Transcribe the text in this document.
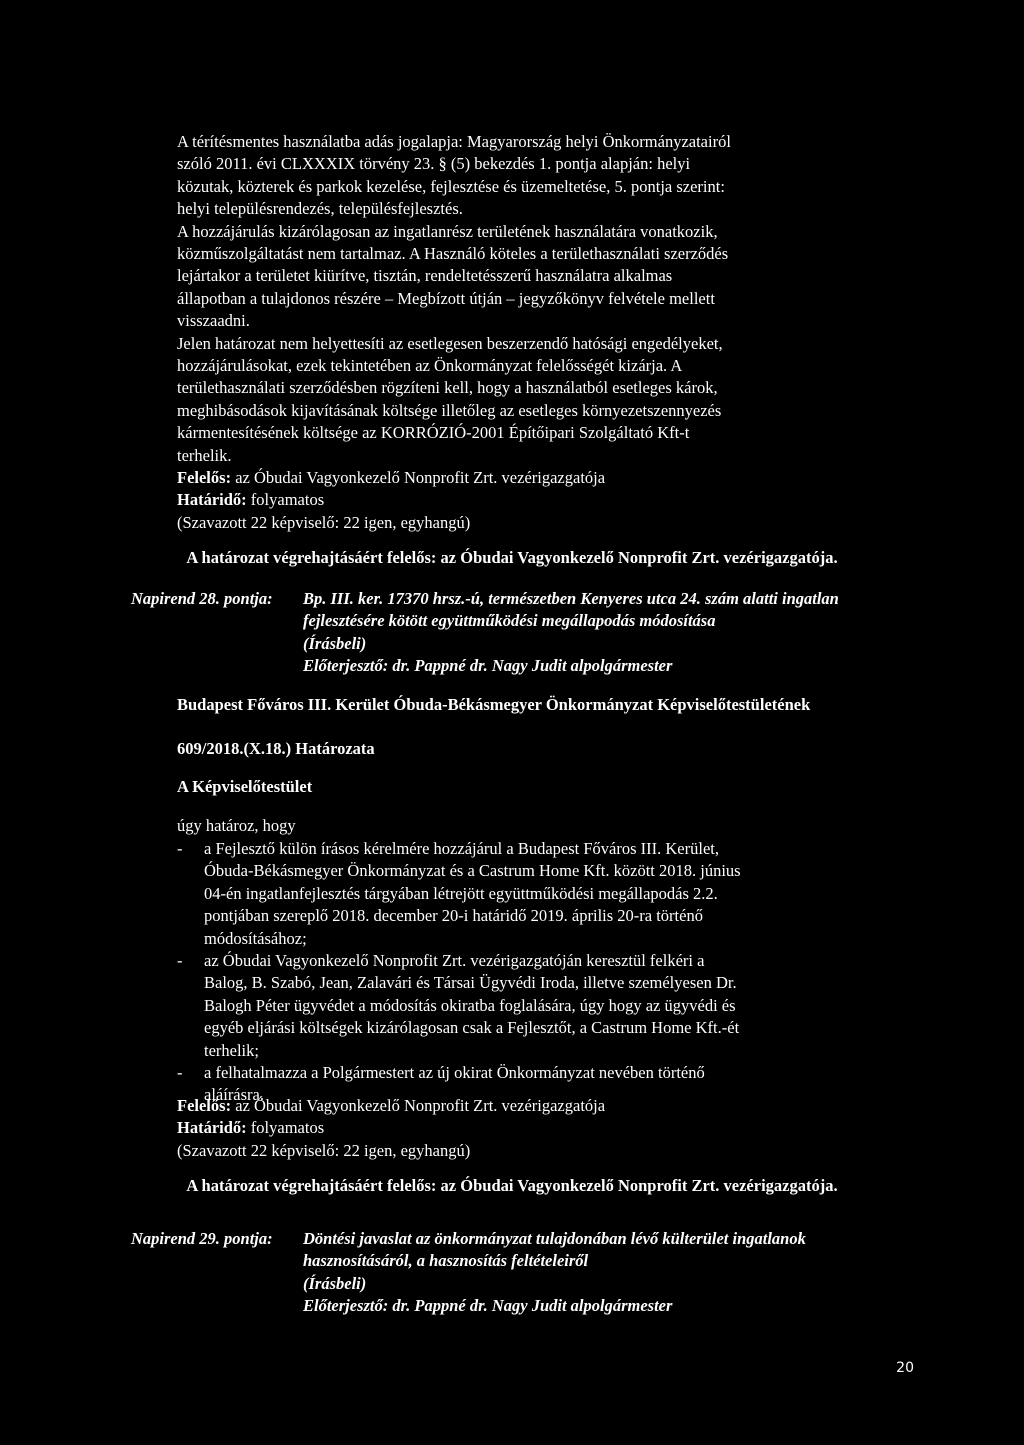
A térítésmentes használatba adás jogalapja: Magyarország helyi Önkormányzatairól
szóló 2011. évi CLXXXIX törvény 23. § (5) bekezdés 1. pontja alapján: helyi
közutak, közterek és parkok kezelése, fejlesztése és üzemeltetése, 5. pontja szerint:
helyi településrendezés, településfejlesztés.
A hozzájárulás kizárólagosan az ingatlanrész területének használatára vonatkozik,
közműszolgáltatást nem tartalmaz. A Használó köteles a területhasználati szerződés
lejártakor a területet kiürítve, tisztán, rendeltetésszerű használatra alkalmas
állapotban a tulajdonos részére – Megbízott útján – jegyzőkönyv felvétele mellett
visszaadni.
Jelen határozat nem helyettesíti az esetlegesen beszerzendő hatósági engedélyeket,
hozzájárulásokat, ezek tekintetében az Önkormányzat felelősségét kizárja. A
területhasználati szerződésben rögzíteni kell, hogy a használatból esetleges károk,
meghibásodások kijavításának költsége illetőleg az esetleges környezetszennyezés
kármentesítésének költsége az KORRÓZIÓ-2001 Építőipari Szolgáltató Kft-t
terhelik.
Felelős: az Óbudai Vagyonkezelő Nonprofit Zrt. vezérigazgatója
Határidő: folyamatos
(Szavazott 22 képviselő: 22 igen, egyhangú)
A határozat végrehajtásáért felelős: az Óbudai Vagyonkezelő Nonprofit Zrt. vezérigazgatója.
Napirend 28. pontja: Bp. III. ker. 17370 hrsz.-ú, természetben Kenyeres utca 24. szám alatti ingatlan
fejlesztésére kötött együttműködési megállapodás módosítása
(Írásbeli)
Előterjesztő: dr. Pappné dr. Nagy Judit alpolgármester
Budapest Főváros III. Kerület Óbuda-Békásmegyer Önkormányzat Képviselőtestületének
609/2018.(X.18.) Határozata
A Képviselőtestület
úgy határoz, hogy
- a Fejlesztő külön írásos kérelmére hozzájárul a Budapest Főváros III. Kerület,
Óbuda-Békásmegyer Önkormányzat és a Castrum Home Kft. között 2018. június
04-én ingatlanfejlesztés tárgyában létrejött együttműködési megállapodás 2.2.
pontjában szereplő 2018. december 20-i határidő 2019. április 20-ra történő
módosításához;
- az Óbudai Vagyonkezelő Nonprofit Zrt. vezérigazgatóján keresztül felkéri a
Balog, B. Szabó, Jean, Zalavári és Társai Ügyvédi Iroda, illetve személyesen Dr.
Balogh Péter ügyvédet a módosítás okiratba foglalására, úgy hogy az ügyvédi és
egyéb eljárási költségek kizárólagosan csak a Fejlesztőt, a Castrum Home Kft.-ét
terhelik;
- a felhatalmazza a Polgármestert az új okirat Önkormányzat nevében történő
aláírásra.
Felelős: az Óbudai Vagyonkezelő Nonprofit Zrt. vezérigazgatója
Határidő: folyamatos
(Szavazott 22 képviselő: 22 igen, egyhangú)
A határozat végrehajtásáért felelős: az Óbudai Vagyonkezelő Nonprofit Zrt. vezérigazgatója.
Napirend 29. pontja: Döntési javaslat az önkormányzat tulajdonában lévő külterület ingatlanok
hasznosításáról, a hasznosítás feltételeiről
(Írásbeli)
Előterjesztő: dr. Pappné dr. Nagy Judit alpolgármester
20
